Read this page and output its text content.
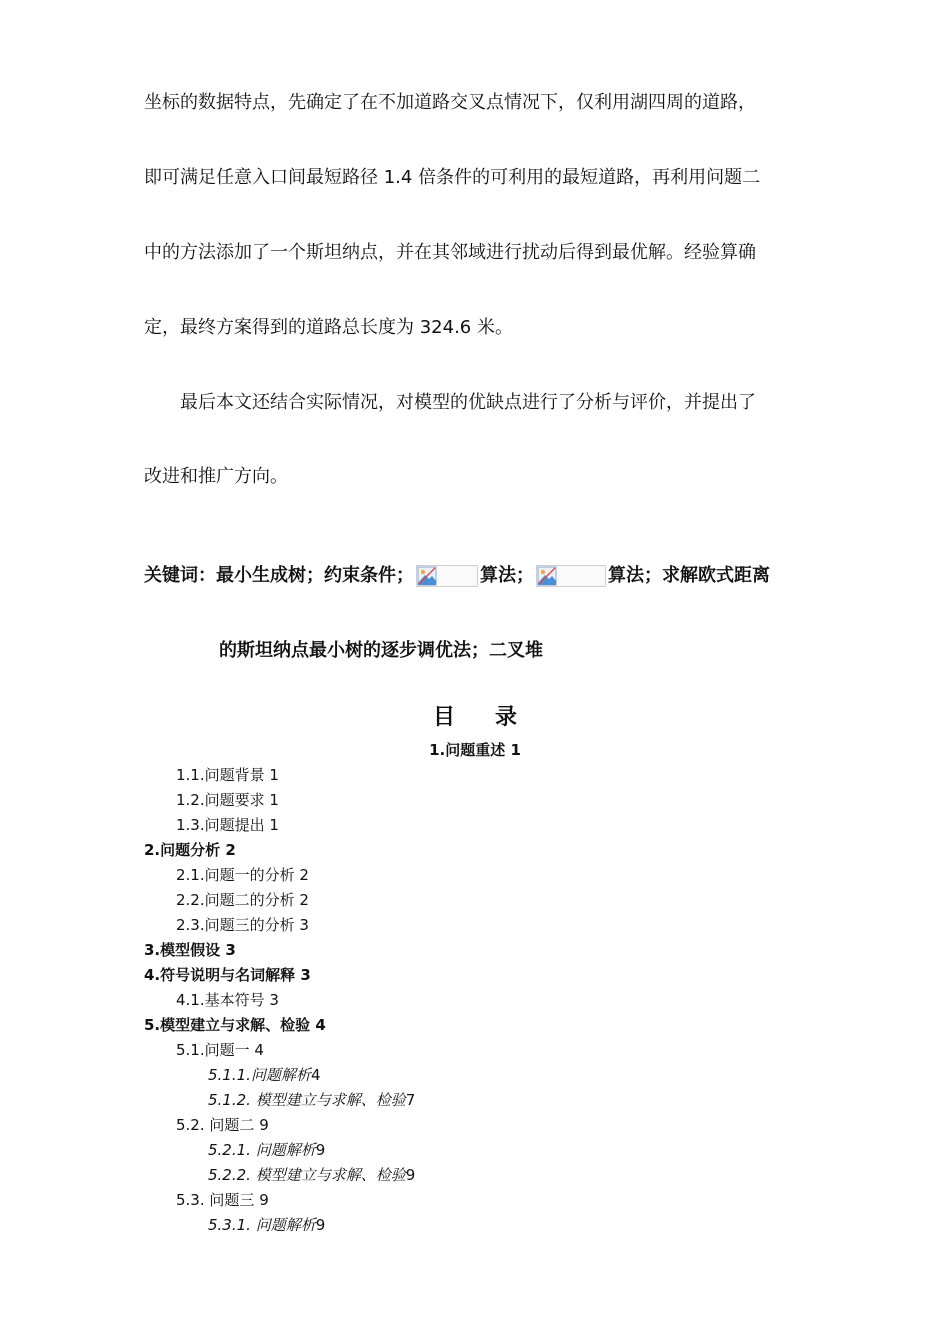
坐标的数据特点，先确定了在不加道路交叉点情况下，仅利用湖四周的道路，
即可满足任意入口间最短路径 1.4 倍条件的可利用的最短道路，再利用问题二
中的方法添加了一个斯坦纳点，并在其邻域进行扰动后得到最优解。经验算确
定，最终方案得到的道路总长度为 324.6 米。
　　最后本文还结合实际情况，对模型的优缺点进行了分析与评价，并提出了
改进和推广方向。
关键词： 最小生成树；约束条件；	算法；	算法；求解欧式距离
的斯坦纳点最小树的逐步调优法；二叉堆
目 录
1.问题重述 1
1.1.问题背景 1
1.2.问题要求 1
1.3.问题提出 1
2.问题分析 2
2.1.问题一的分析 2
2.2.问题二的分析 2
2.3.问题三的分析 3
3.模型假设 3
4.符号说明与名词解释 3
4.1.基本符号 3
5.模型建立与求解、检验 4
5.1.问题一 4
5.1.1.问题解析4
5.1.2. 模型建立与求解、检验7
5.2. 问题二 9
5.2.1. 问题解析9
5.2.2. 模型建立与求解、检验9
5.3. 问题三 9
5.3.1. 问题解析9
